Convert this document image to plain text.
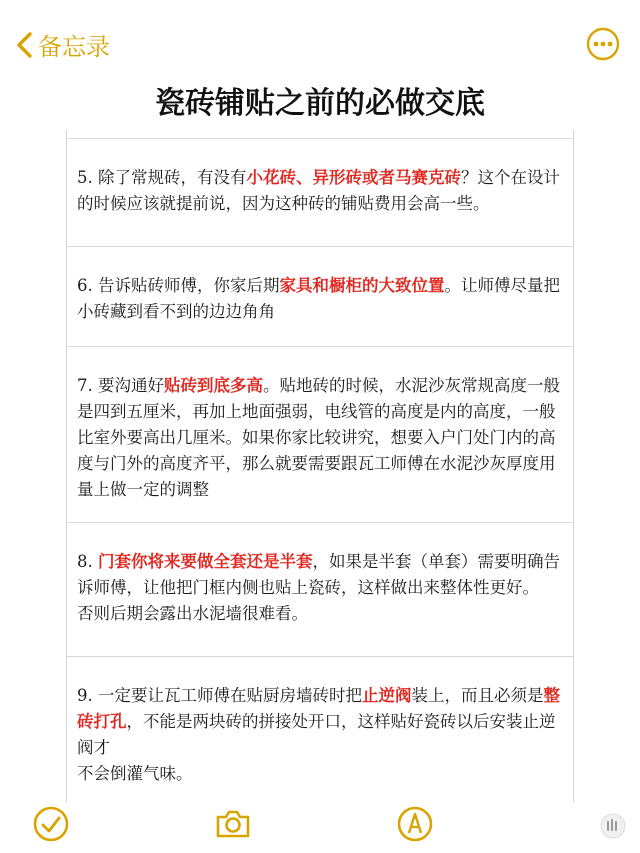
备忘录
瓷砖铺贴之前的必做交底
5. 除了常规砖，有没有小花砖、异形砖或者马赛克砖？这个在设计的时候应该就提前说，因为这种砖的铺贴费用会高一些。
6. 告诉贴砖师傅，你家后期家具和橱柜的大致位置。让师傅尽量把小砖藏到看不到的边边角角
7. 要沟通好贴砖到底多高。贴地砖的时候，水泥沙灰常规高度一般是四到五厘米，再加上地面强弱，电线管的高度是内的高度，一般比室外要高出几厘米。如果你家比较讲究，想要入户门处门内的高度与门外的高度齐平，那么就要需要跟瓦工师傅在水泥沙灰厚度用量上做一定的调整
8. 门套你将来要做全套还是半套，如果是半套（单套）需要明确告诉师傅，让他把门框内侧也贴上瓷砖，这样做出来整体性更好。
否则后期会露出水泥墙很难看。
9. 一定要让瓦工师傅在贴厨房墙砖时把止逆阀装上，而且必须是整砖打孔，不能是两块砖的拼接处开口，这样贴好瓷砖以后安装止逆阀才
不会倒灌气味。
